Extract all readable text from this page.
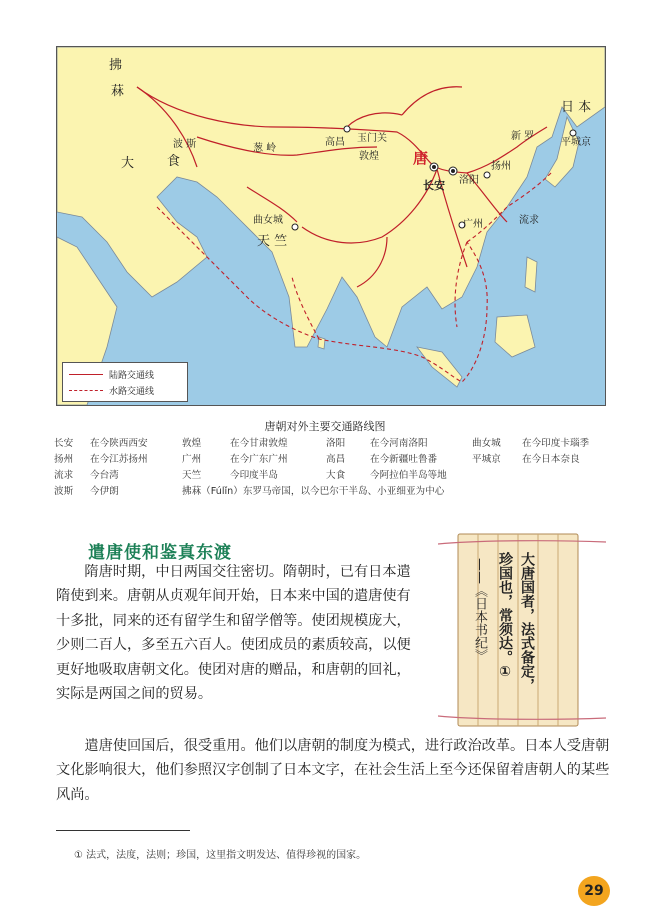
拂
菻
大	食
波 斯	葱 岭
高昌 玉门关
敦煌 唐
洛阳
长安
扬州
广州
曲女城
天 竺
新 罗
日 本
平城京
流求
陆路交通线
水路交通线
唐朝对外主要交通路线图
长安	在今陕西西安	敦煌	在今甘肃敦煌	洛阳	在今河南洛阳	曲女城	在今印度卡瑙季
扬州	在今江苏扬州	广州	在今广东广州	高昌	在今新疆吐鲁番	平城京	在今日本奈良
流求	今台湾	天竺	今印度半岛	大食	今阿拉伯半岛等地
波斯	今伊朗	拂菻（Fúlǐn）东罗马帝国，以今巴尔干半岛、小亚细亚为中心
遣唐使和鉴真东渡
隋唐时期，中日两国交往密切。隋朝时，已有日本遣隋使到来。唐朝从贞观年间开始，日本来中国的遣唐使有十多批，同来的还有留学生和留学僧等。使团规模庞大，少则二百人，多至五六百人。使团成员的素质较高，以便更好地吸取唐朝文化。使团对唐的赠品，和唐朝的回礼，实际是两国之间的贸易。
大唐国者，法式备定，珍国也，常须达。①
——《日本书纪》
遣唐使回国后，很受重用。他们以唐朝的制度为模式，进行政治改革。日本人受唐朝文化影响很大，他们参照汉字创制了日本文字，在社会生活上至今还保留着唐朝人的某些风尚。
① 法式，法度，法则；珍国，这里指文明发达、值得珍视的国家。
29
